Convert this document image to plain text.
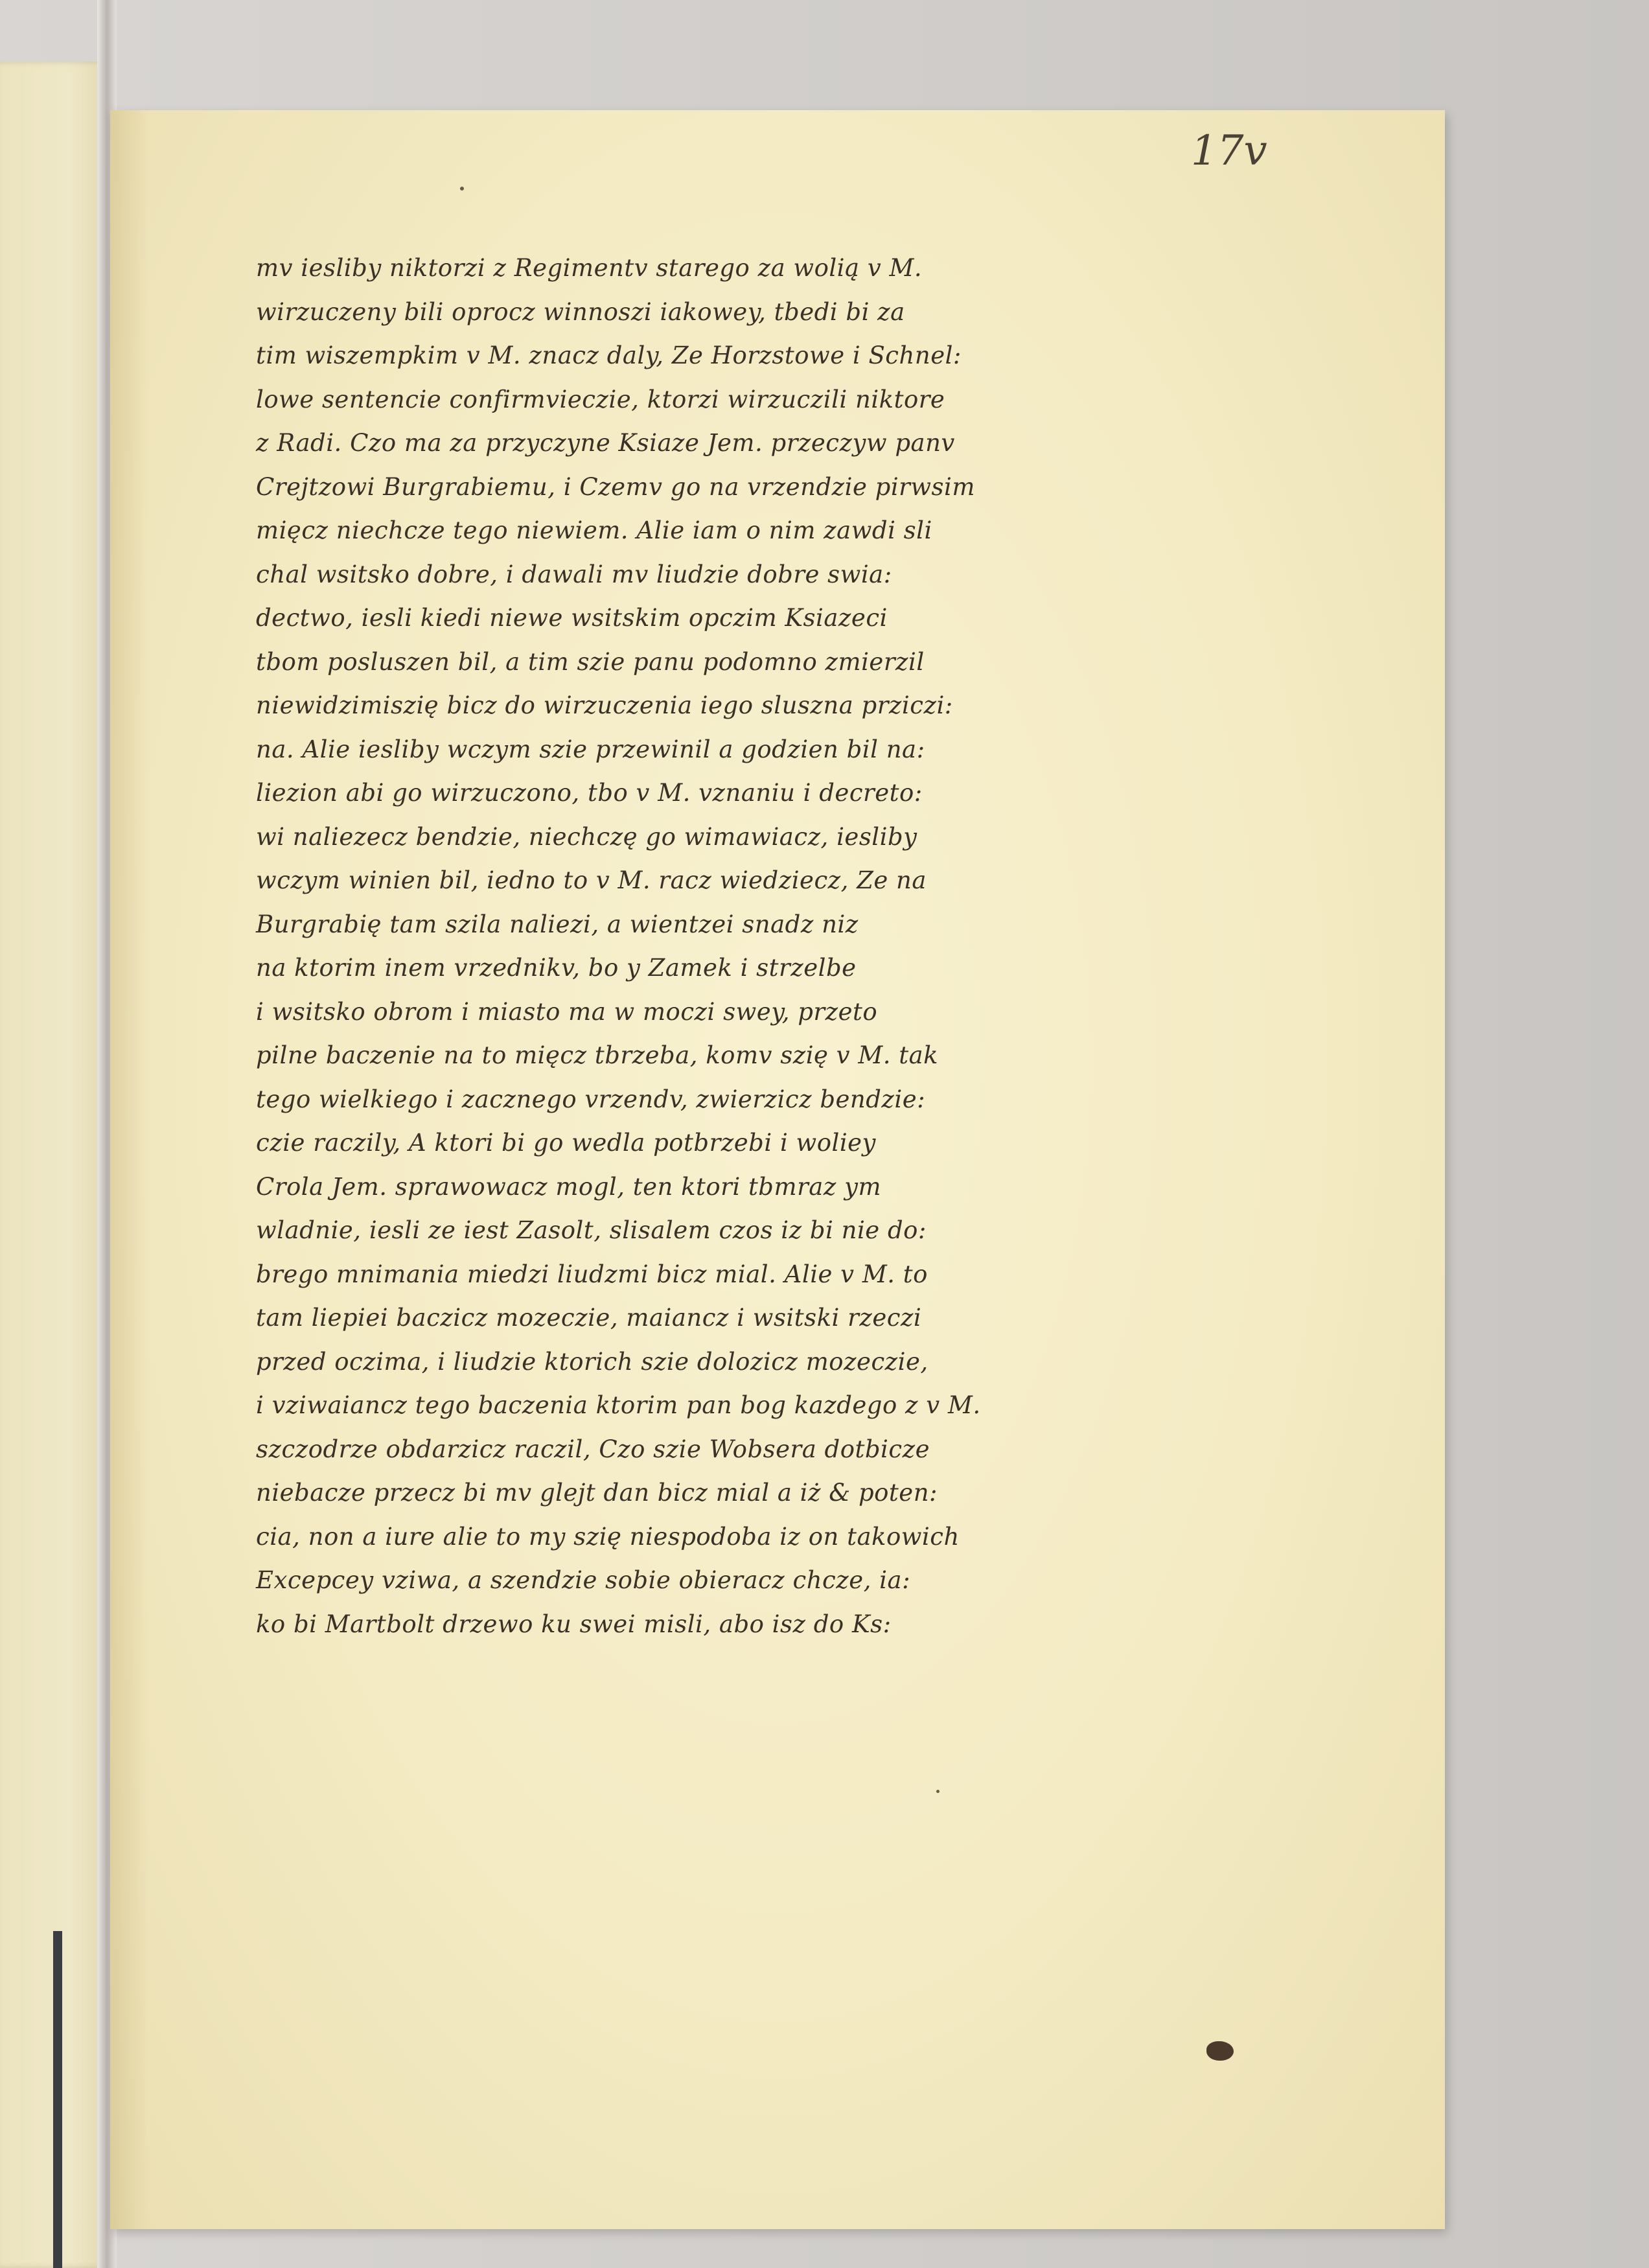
17v
mv iesliby niktorzi z Regimentv starego za wolią v M.
wirzuczeny bili oprocz winnoszi iakowey, tbedi bi za
tim wiszempkim v M. znacz daly, Ze Horzstowe i Schnel:
lowe sentencie confirmvieczie, ktorzi wirzuczili niktore
z Radi. Czo ma za przyczyne Ksiaze Jem. przeczyw panv
Crejtzowi Burgrabiemu, i Czemv go na vrzendzie pirwsim
mięcz niechcze tego niewiem. Alie iam o nim zawdi sli
chal wsitsko dobre, i dawali mv liudzie dobre swia:
dectwo, iesli kiedi niewe wsitskim opczim Ksiazeci
tbom posluszen bil, a tim szie panu podomno zmierzil
niewidzimiszię bicz do wirzuczenia iego sluszna prziczi:
na. Alie iesliby wczym szie przewinil a godzien bil na:
liezion abi go wirzuczono, tbo v M. vznaniu i decreto:
wi naliezecz bendzie, niechczę go wimawiacz, iesliby
wczym winien bil, iedno to v M. racz wiedziecz, Ze na
Burgrabię tam szila naliezi, a wientzei snadz niz
na ktorim inem vrzednikv, bo y Zamek i strzelbe
i wsitsko obrom i miasto ma w moczi swey, przeto
pilne baczenie na to mięcz tbrzeba, komv szię v M. tak
tego wielkiego i zacznego vrzendv, zwierzicz bendzie:
czie raczily, A ktori bi go wedla potbrzebi i woliey
Crola Jem. sprawowacz mogl, ten ktori tbmraz ym
wladnie, iesli ze iest Zasolt, slisalem czos iz bi nie do:
brego mnimania miedzi liudzmi bicz mial. Alie v M. to
tam liepiei baczicz mozeczie, maiancz i wsitski rzeczi
przed oczima, i liudzie ktorich szie dolozicz mozeczie,
i vziwaiancz tego baczenia ktorim pan bog kazdego z v M.
szczodrze obdarzicz raczil, Czo szie Wobsera dotbicze
niebacze przecz bi mv glejt dan bicz mial a iż & poten:
cia, non a iure alie to my szię niespodoba iz on takowich
Excepcey vziwa, a szendzie sobie obieracz chcze, ia:
ko bi Martbolt drzewo ku swei misli, abo isz do Ks:
